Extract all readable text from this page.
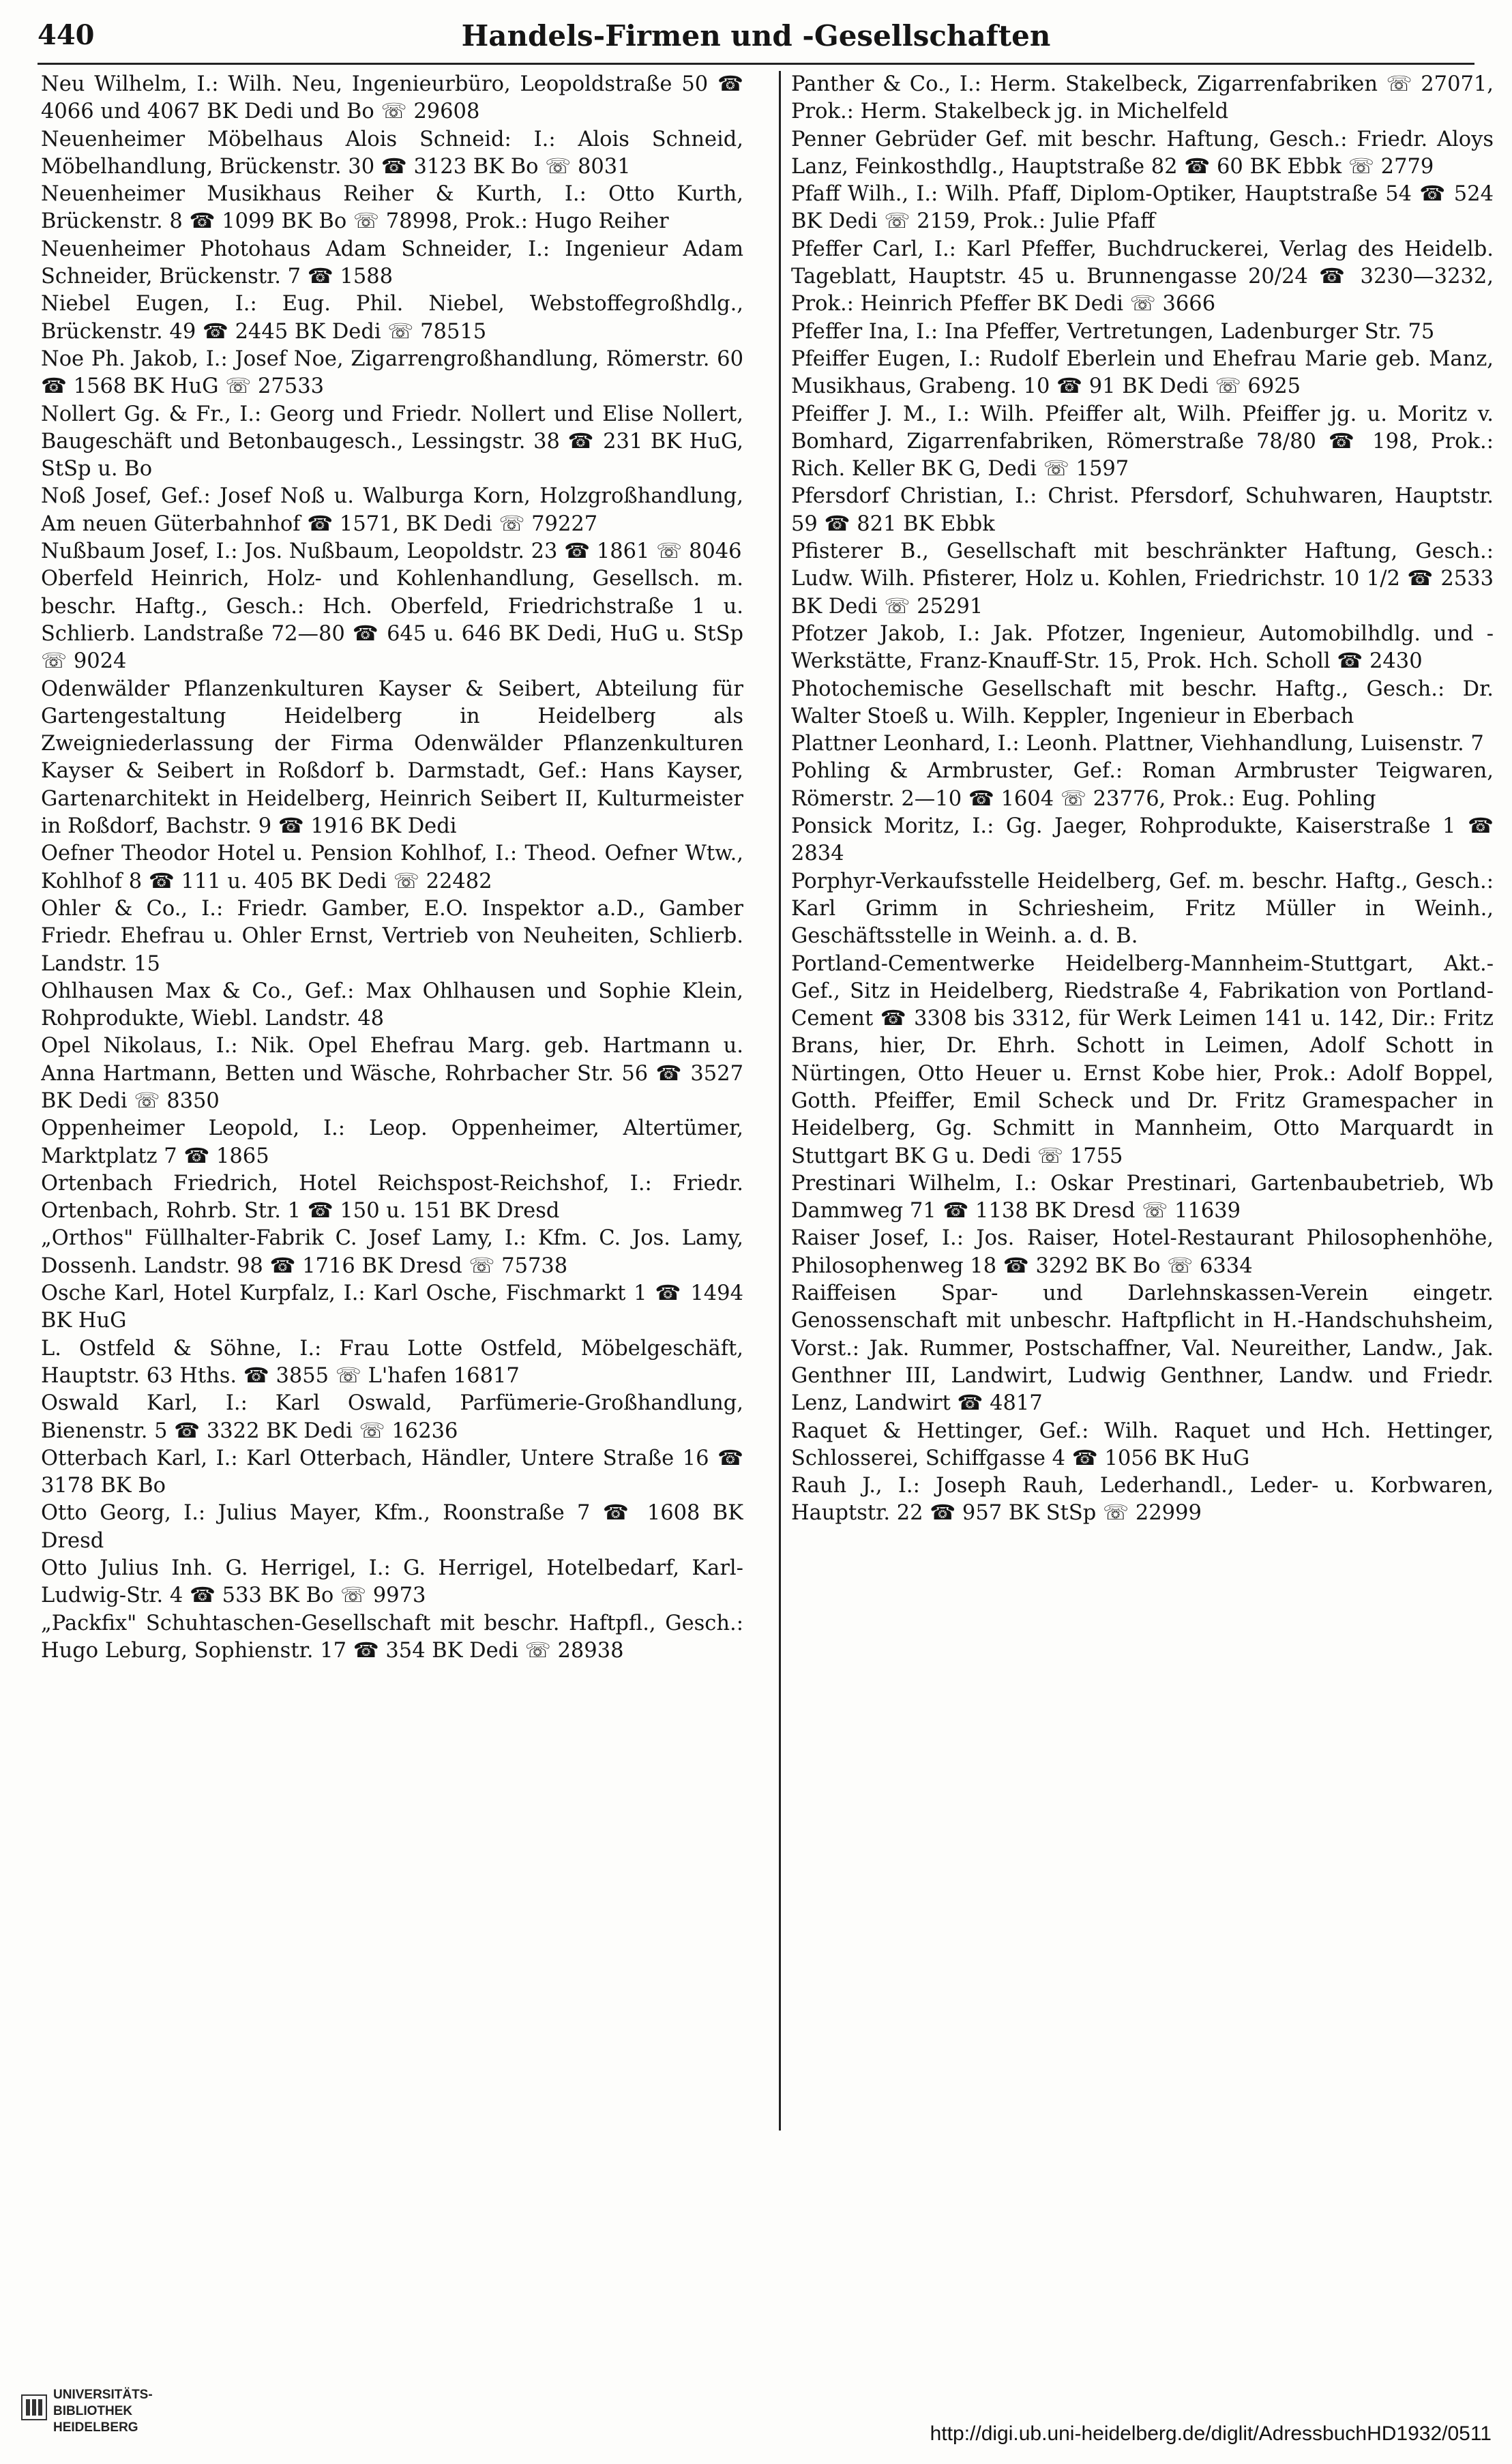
440	Handels-Firmen und -Gesellschaften

Neu Wilhelm, I.: Wilh. Neu, Ingenieurbüro, Leopoldstraße 50 ☎ 4066 und 4067 BK Dedi und Bo ☏ 29608

Neuenheimer Möbelhaus Alois Schneid: I.: Alois Schneid, Möbelhandlung, Brückenstr. 30 ☎ 3123 BK Bo ☏ 8031

Neuenheimer Musikhaus Reiher & Kurth, I.: Otto Kurth, Brückenstr. 8 ☎ 1099 BK Bo ☏ 78998, Prok.: Hugo Reiher

Neuenheimer Photohaus Adam Schneider, I.: Ingenieur Adam Schneider, Brückenstr. 7 ☎ 1588

Niebel Eugen, I.: Eug. Phil. Niebel, Webstoffegroßhdlg., Brückenstr. 49 ☎ 2445 BK Dedi ☏ 78515

Noe Ph. Jakob, I.: Josef Noe, Zigarrengroßhandlung, Römerstr. 60 ☎ 1568 BK HuG ☏ 27533

Nollert Gg. & Fr., I.: Georg und Friedr. Nollert und Elise Nollert, Baugeschäft und Betonbaugesch., Lessingstr. 38 ☎ 231 BK HuG, StSp u. Bo

Noß Josef, Gef.: Josef Noß u. Walburga Korn, Holzgroßhandlung, Am neuen Güterbahnhof ☎ 1571, BK Dedi ☏ 79227

Nußbaum Josef, I.: Jos. Nußbaum, Leopoldstr. 23 ☎ 1861 ☏ 8046

Oberfeld Heinrich, Holz- und Kohlenhandlung, Gesellsch. m. beschr. Haftg., Gesch.: Hch. Oberfeld, Friedrichstraße 1 u. Schlierb. Landstraße 72—80 ☎ 645 u. 646 BK Dedi, HuG u. StSp ☏ 9024

Odenwälder Pflanzenkulturen Kayser & Seibert, Abteilung für Gartengestaltung Heidelberg in Heidelberg als Zweigniederlassung der Firma Odenwälder Pflanzenkulturen Kayser & Seibert in Roßdorf b. Darmstadt, Gef.: Hans Kayser, Gartenarchitekt in Heidelberg, Heinrich Seibert II, Kulturmeister in Roßdorf, Bachstr. 9 ☎ 1916 BK Dedi

Oefner Theodor Hotel u. Pension Kohlhof, I.: Theod. Oefner Wtw., Kohlhof 8 ☎ 111 u. 405 BK Dedi ☏ 22482

Ohler & Co., I.: Friedr. Gamber, E.O. Inspektor a.D., Gamber Friedr. Ehefrau u. Ohler Ernst, Vertrieb von Neuheiten, Schlierb. Landstr. 15

Ohlhausen Max & Co., Gef.: Max Ohlhausen und Sophie Klein, Rohprodukte, Wiebl. Landstr. 48

Opel Nikolaus, I.: Nik. Opel Ehefrau Marg. geb. Hartmann u. Anna Hartmann, Betten und Wäsche, Rohrbacher Str. 56 ☎ 3527 BK Dedi ☏ 8350

Oppenheimer Leopold, I.: Leop. Oppenheimer, Altertümer, Marktplatz 7 ☎ 1865

Ortenbach Friedrich, Hotel Reichspost-Reichshof, I.: Friedr. Ortenbach, Rohrb. Str. 1 ☎ 150 u. 151 BK Dresd

„Orthos" Füllhalter-Fabrik C. Josef Lamy, I.: Kfm. C. Jos. Lamy, Dossenh. Landstr. 98 ☎ 1716 BK Dresd ☏ 75738

Osche Karl, Hotel Kurpfalz, I.: Karl Osche, Fischmarkt 1 ☎ 1494 BK HuG

L. Ostfeld & Söhne, I.: Frau Lotte Ostfeld, Möbelgeschäft, Hauptstr. 63 Hths. ☎ 3855 ☏ L'hafen 16817

Oswald Karl, I.: Karl Oswald, Parfümerie-Großhandlung, Bienenstr. 5 ☎ 3322 BK Dedi ☏ 16236

Otterbach Karl, I.: Karl Otterbach, Händler, Untere Straße 16 ☎ 3178 BK Bo

Otto Georg, I.: Julius Mayer, Kfm., Roonstraße 7 ☎ 1608 BK Dresd

Otto Julius Inh. G. Herrigel, I.: G. Herrigel, Hotelbedarf, Karl-Ludwig-Str. 4 ☎ 533 BK Bo ☏ 9973

„Packfix" Schuhtaschen-Gesellschaft mit beschr. Haftpfl., Gesch.: Hugo Leburg, Sophienstr. 17 ☎ 354 BK Dedi ☏ 28938

Panther & Co., I.: Herm. Stakelbeck, Zigarrenfabriken ☏ 27071, Prok.: Herm. Stakelbeck jg. in Michelfeld

Penner Gebrüder Gef. mit beschr. Haftung, Gesch.: Friedr. Aloys Lanz, Feinkosthdlg., Hauptstraße 82 ☎ 60 BK Ebbk ☏ 2779

Pfaff Wilh., I.: Wilh. Pfaff, Diplom-Optiker, Hauptstraße 54 ☎ 524 BK Dedi ☏ 2159, Prok.: Julie Pfaff

Pfeffer Carl, I.: Karl Pfeffer, Buchdruckerei, Verlag des Heidelb. Tageblatt, Hauptstr. 45 u. Brunnengasse 20/24 ☎ 3230—3232, Prok.: Heinrich Pfeffer BK Dedi ☏ 3666

Pfeffer Ina, I.: Ina Pfeffer, Vertretungen, Ladenburger Str. 75

Pfeiffer Eugen, I.: Rudolf Eberlein und Ehefrau Marie geb. Manz, Musikhaus, Grabeng. 10 ☎ 91 BK Dedi ☏ 6925

Pfeiffer J. M., I.: Wilh. Pfeiffer alt, Wilh. Pfeiffer jg. u. Moritz v. Bomhard, Zigarrenfabriken, Römerstraße 78/80 ☎ 198, Prok.: Rich. Keller BK G, Dedi ☏ 1597

Pfersdorf Christian, I.: Christ. Pfersdorf, Schuhwaren, Hauptstr. 59 ☎ 821 BK Ebbk

Pfisterer B., Gesellschaft mit beschränkter Haftung, Gesch.: Ludw. Wilh. Pfisterer, Holz u. Kohlen, Friedrichstr. 10 1/2 ☎ 2533 BK Dedi ☏ 25291

Pfotzer Jakob, I.: Jak. Pfotzer, Ingenieur, Automobilhdlg. und -Werkstätte, Franz-Knauff-Str. 15, Prok. Hch. Scholl ☎ 2430

Photochemische Gesellschaft mit beschr. Haftg., Gesch.: Dr. Walter Stoeß u. Wilh. Keppler, Ingenieur in Eberbach

Plattner Leonhard, I.: Leonh. Plattner, Viehhandlung, Luisenstr. 7

Pohling & Armbruster, Gef.: Roman Armbruster Teigwaren, Römerstr. 2—10 ☎ 1604 ☏ 23776, Prok.: Eug. Pohling

Ponsick Moritz, I.: Gg. Jaeger, Rohprodukte, Kaiserstraße 1 ☎ 2834

Porphyr-Verkaufsstelle Heidelberg, Gef. m. beschr. Haftg., Gesch.: Karl Grimm in Schriesheim, Fritz Müller in Weinh., Geschäftsstelle in Weinh. a. d. B.

Portland-Cementwerke Heidelberg-Mannheim-Stuttgart, Akt.-Gef., Sitz in Heidelberg, Riedstraße 4, Fabrikation von Portland-Cement ☎ 3308 bis 3312, für Werk Leimen 141 u. 142, Dir.: Fritz Brans, hier, Dr. Ehrh. Schott in Leimen, Adolf Schott in Nürtingen, Otto Heuer u. Ernst Kobe hier, Prok.: Adolf Boppel, Gotth. Pfeiffer, Emil Scheck und Dr. Fritz Gramespacher in Heidelberg, Gg. Schmitt in Mannheim, Otto Marquardt in Stuttgart BK G u. Dedi ☏ 1755

Prestinari Wilhelm, I.: Oskar Prestinari, Gartenbaubetrieb, Wb Dammweg 71 ☎ 1138 BK Dresd ☏ 11639

Raiser Josef, I.: Jos. Raiser, Hotel-Restaurant Philosophenhöhe, Philosophenweg 18 ☎ 3292 BK Bo ☏ 6334

Raiffeisen Spar- und Darlehnskassen-Verein eingetr. Genossenschaft mit unbeschr. Haftpflicht in H.-Handschuhsheim, Vorst.: Jak. Rummer, Postschaffner, Val. Neureither, Landw., Jak. Genthner III, Landwirt, Ludwig Genthner, Landw. und Friedr. Lenz, Landwirt ☎ 4817

Raquet & Hettinger, Gef.: Wilh. Raquet und Hch. Hettinger, Schlosserei, Schiffgasse 4 ☎ 1056 BK HuG

Rauh J., I.: Joseph Rauh, Lederhandl., Leder- u. Korbwaren, Hauptstr. 22 ☎ 957 BK StSp ☏ 22999

UNIVERSITÄTS-
BIBLIOTHEK
HEIDELBERG	http://digi.ub.uni-heidelberg.de/diglit/AdressbuchHD1932/0511
